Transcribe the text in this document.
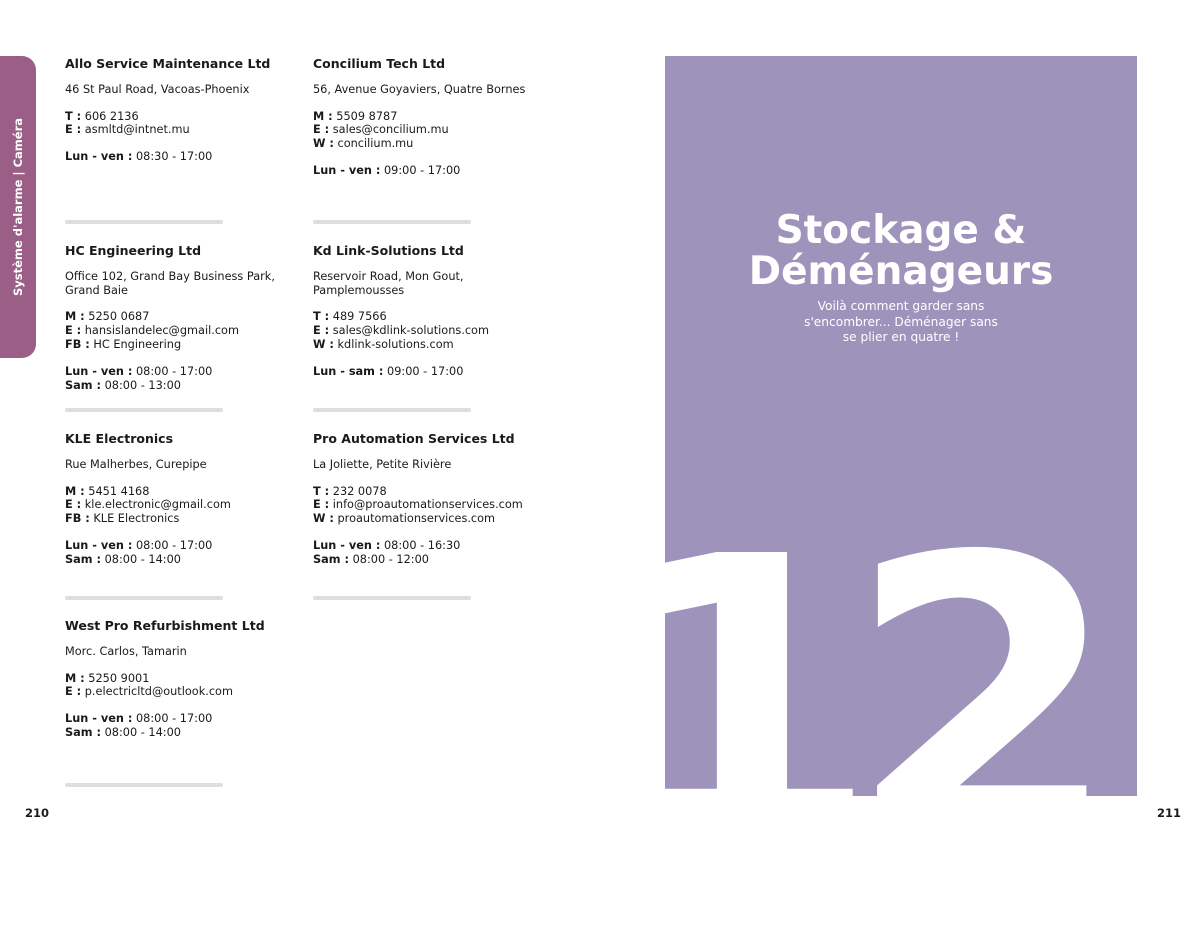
Système d'alarme | Caméra
Allo Service Maintenance Ltd
46 St Paul Road, Vacoas-Phoenix
T : 606 2136
E : asmltd@intnet.mu
Lun - ven : 08:30 - 17:00
Concilium Tech Ltd
56, Avenue Goyaviers, Quatre Bornes
M : 5509 8787
E : sales@concilium.mu
W : concilium.mu
Lun - ven : 09:00 - 17:00
HC Engineering Ltd
Office 102, Grand Bay Business Park,
Grand Baie
M : 5250 0687
E : hansislandelec@gmail.com
FB : HC Engineering
Lun - ven : 08:00 - 17:00
Sam : 08:00 - 13:00
Kd Link-Solutions Ltd
Reservoir Road, Mon Gout,
Pamplemousses
T : 489 7566
E : sales@kdlink-solutions.com
W : kdlink-solutions.com
Lun - sam : 09:00 - 17:00
KLE Electronics
Rue Malherbes, Curepipe
M : 5451 4168
E : kle.electronic@gmail.com
FB : KLE Electronics
Lun - ven : 08:00 - 17:00
Sam : 08:00 - 14:00
Pro Automation Services Ltd
La Joliette, Petite Rivière
T : 232 0078
E : info@proautomationservices.com
W : proautomationservices.com
Lun - ven : 08:00 - 16:30
Sam : 08:00 - 12:00
West Pro Refurbishment Ltd
Morc. Carlos, Tamarin
M : 5250 9001
E : p.electricltd@outlook.com
Lun - ven : 08:00 - 17:00
Sam : 08:00 - 14:00
210	211
12
Stockage &
Déménageurs
Voilà comment garder sans
s'encombrer... Déménager sans
se plier en quatre !
